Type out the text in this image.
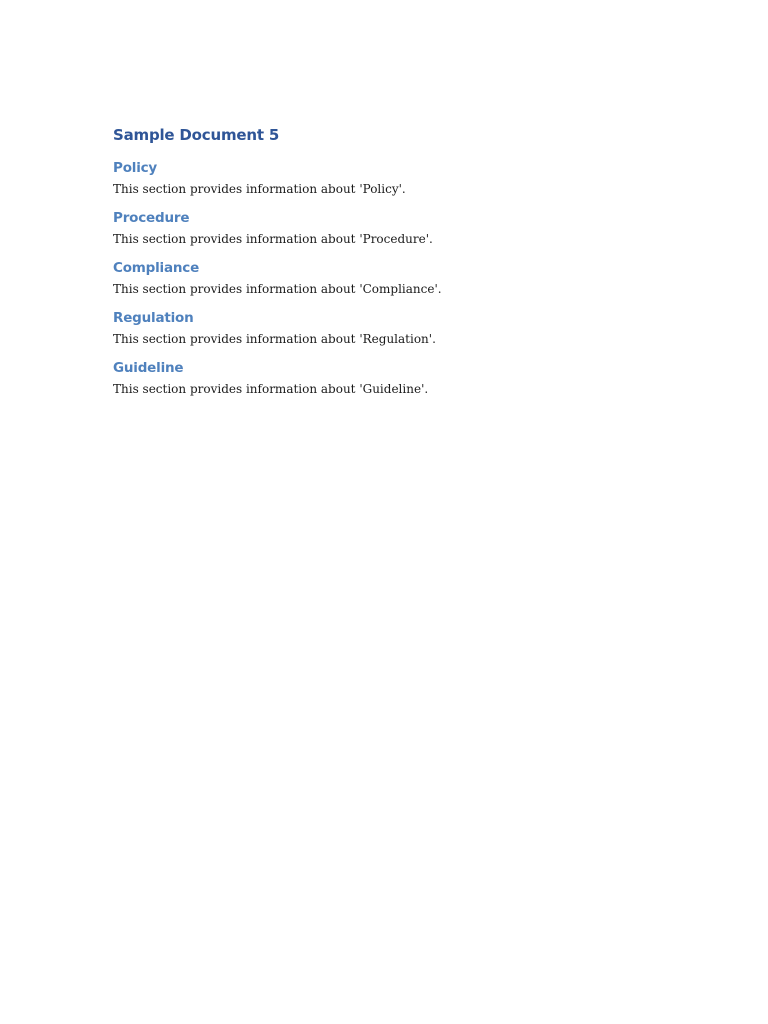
Sample Document 5
Policy

This section provides information about 'Policy'.

Procedure

This section provides information about 'Procedure'.

Compliance

This section provides information about 'Compliance'.

Regulation

This section provides information about 'Regulation'.

Guideline

This section provides information about 'Guideline'.
